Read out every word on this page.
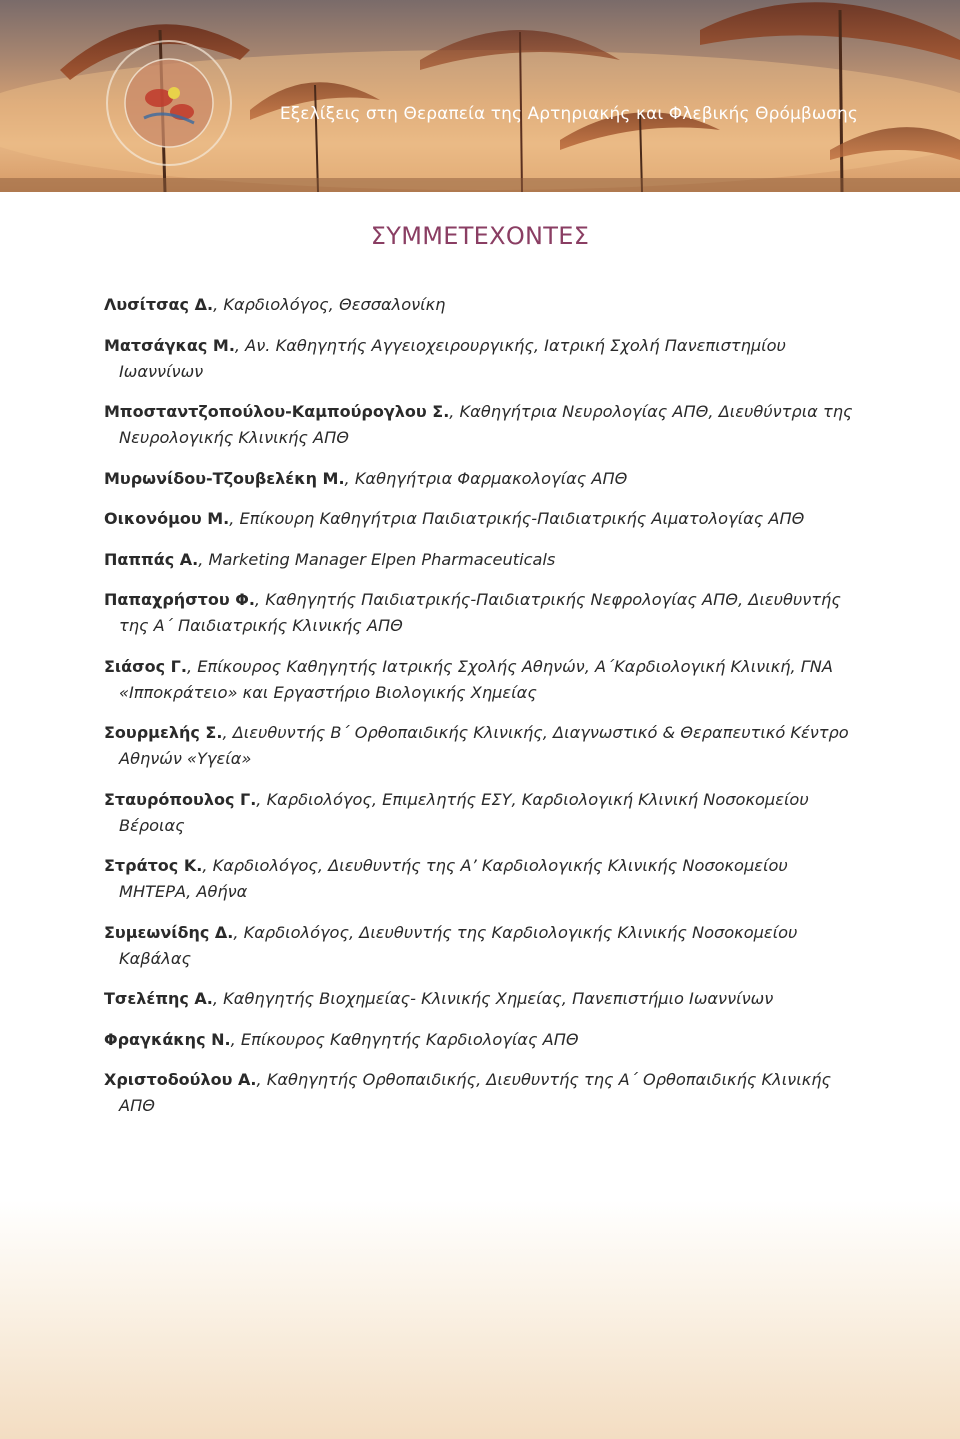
Εξελίξεις στη Θεραπεία της Αρτηριακής και Φλεβικής Θρόμβωσης
ΣΥΜΜΕΤΕΧΟΝΤΕΣ
Λυσίτσας Δ., Καρδιολόγος, Θεσσαλονίκη
Ματσάγκας Μ., Αν. Καθηγητής Αγγειοχειρουργικής, Ιατρική Σχολή Πανεπιστημίου Ιωαννίνων
Μποσταντζοπούλου-Καμπούρογλου Σ., Καθηγήτρια Νευρολογίας ΑΠΘ, Διευθύντρια της Νευρολογικής Κλινικής ΑΠΘ
Μυρωνίδου-Τζουβελέκη Μ., Καθηγήτρια Φαρμακολογίας ΑΠΘ
Οικονόμου Μ., Επίκουρη Καθηγήτρια Παιδιατρικής-Παιδιατρικής Αιματολογίας ΑΠΘ
Παππάς Α., Marketing Manager Elpen Pharmaceuticals
Παπαχρήστου Φ., Καθηγητής Παιδιατρικής-Παιδιατρικής Νεφρολογίας ΑΠΘ, Διευθυντής της Α΄ Παιδιατρικής Κλινικής ΑΠΘ
Σιάσος Γ., Επίκουρος Καθηγητής Ιατρικής Σχολής Αθηνών, Α΄Καρδιολογική Κλινική, ΓΝΑ «Ιπποκράτειο» και Εργαστήριο Βιολογικής Χημείας
Σουρμελής Σ., Διευθυντής Β΄ Ορθοπαιδικής Κλινικής, Διαγνωστικό & Θεραπευτικό Κέντρο Αθηνών «Υγεία»
Σταυρόπουλος Γ., Καρδιολόγος, Επιμελητής ΕΣΥ, Καρδιολογική Κλινική Νοσοκομείου Βέροιας
Στράτος Κ., Καρδιολόγος, Διευθυντής της Α’ Καρδιολογικής Κλινικής Νοσοκομείου ΜΗΤΕΡΑ, Αθήνα
Συμεωνίδης Δ., Καρδιολόγος, Διευθυντής της Καρδιολογικής Κλινικής Νοσοκομείου Καβάλας
Τσελέπης Α., Καθηγητής Βιοχημείας- Κλινικής Χημείας, Πανεπιστήμιο Ιωαννίνων
Φραγκάκης Ν., Επίκουρος Καθηγητής Καρδιολογίας ΑΠΘ
Χριστοδούλου Α., Καθηγητής Ορθοπαιδικής, Διευθυντής της Α΄ Ορθοπαιδικής Κλινικής ΑΠΘ
